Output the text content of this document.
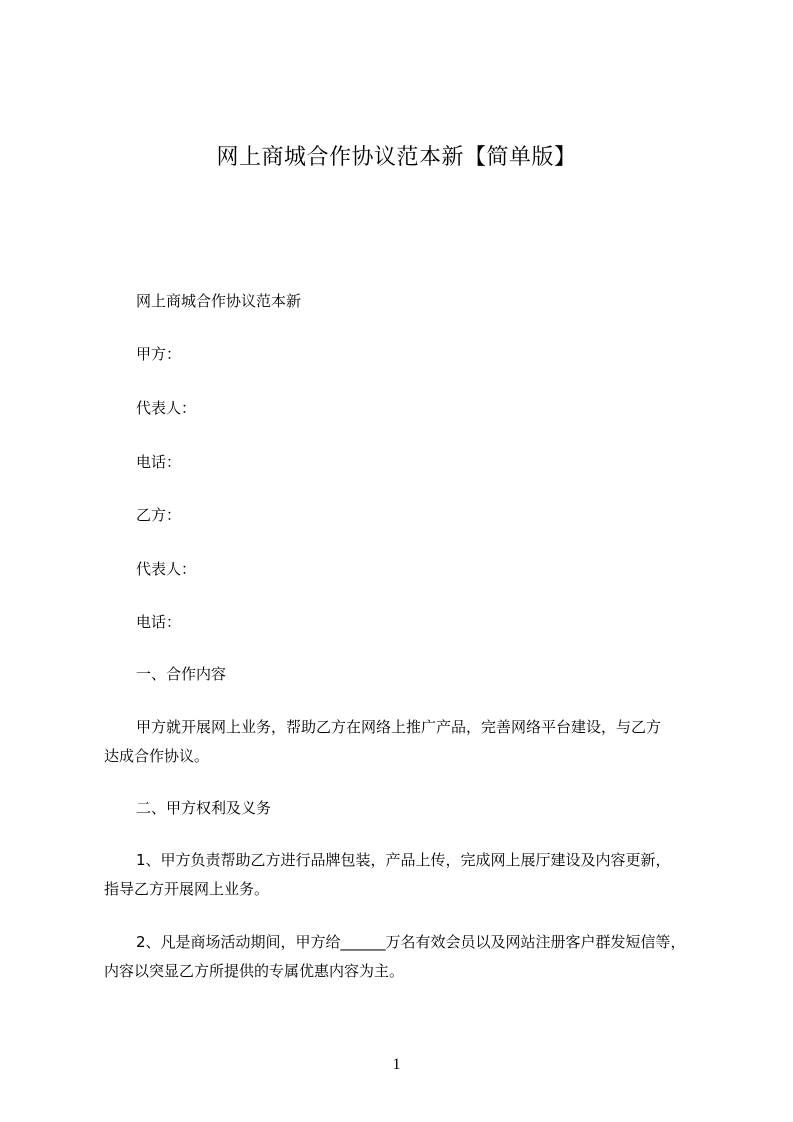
网上商城合作协议范本新【简单版】
网上商城合作协议范本新
甲方：
代表人：
电话：
乙方：
代表人：
电话：
一、合作内容
甲方就开展网上业务，帮助乙方在网络上推广产品，完善网络平台建设，与乙方
达成合作协议。
二、甲方权利及义务
1、甲方负责帮助乙方进行品牌包装，产品上传，完成网上展厅建设及内容更新，
指导乙方开展网上业务。
2、凡是商场活动期间，甲方给______万名有效会员以及网站注册客户群发短信等，
内容以突显乙方所提供的专属优惠内容为主。
1
